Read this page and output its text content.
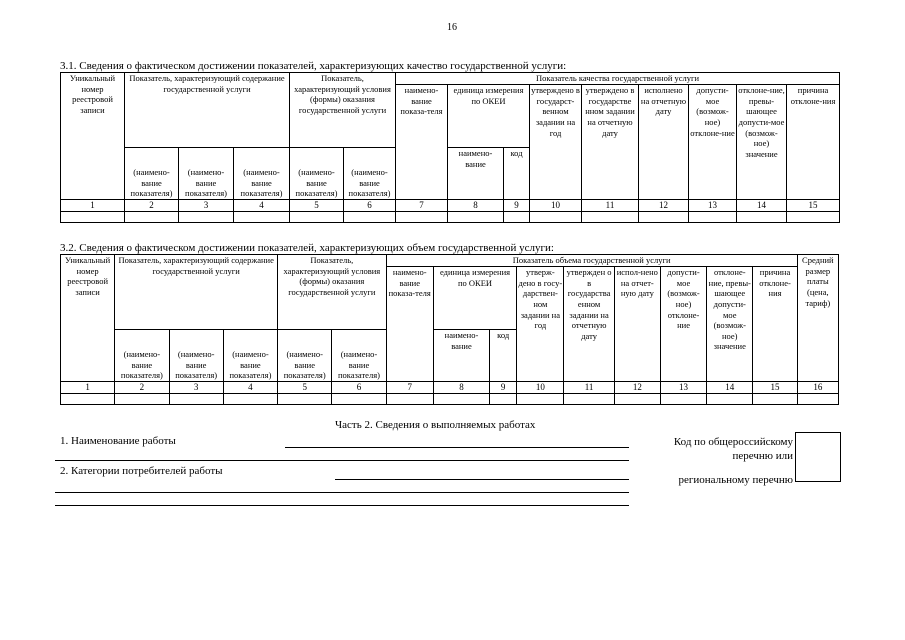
16
3.1. Сведения о фактическом достижении показателей, характеризующих качество государственной услуги:
Уникальный номер реестровой записи	Показатель, характеризующий содержание государственной услуги			Показатель, характеризующий условия (формы) оказания государственной услуги		Показатель качества государственной услуги								
						наимено-вание показа-теля	единица измерения по ОКЕИ		утверждено в государст-венном задании на год	утверждено в государстве нном задании на отчетную дату	исполнено на отчетную дату	допусти-мое (возмож-ное) отклоне-ние	отклоне-ние, превы-шающее допусти-мое (возмож-ное) значение	причина отклоне-ния
	(наимено-вание показателя)	(наимено-вание показателя)	(наимено-вание показателя)	(наимено-вание показателя)	(наимено-вание показателя)		наимено-вание	код						
1	2	3	4	5	6	7	8	9	10	11	12	13	14	15

3.2. Сведения о фактическом достижении показателей, характеризующих объем государственной услуги:
Уникальный номер реестровой записи	Показатель, характеризующий содержание государственной услуги			Показатель, характеризующий условия (формы) оказания государственной услуги		Показатель объема государственной услуги									Средний размер платы (цена, тариф)
						наимено-вание показа-теля	единица измерения по ОКЕИ		утверж-дено в госу-дарствен-ном задании на год	утвержден о в государства енном задании на отчетную дату	испол-нено на отчет-ную дату	допусти-мое (возмож-ное) отклоне-ние	отклоне-ние, превы-шающее допусти-мое (возмож-ное) значение	причина отклоне-ния	
	(наимено-вание показателя)	(наимено-вание показателя)	(наимено-вание показателя)	(наимено-вание показателя)	(наимено-вание показателя)		наимено-вание	код							
1	2	3	4	5	6	7	8	9	10	11	12	13	14	15	16

Часть 2. Сведения о выполняемых работах
1. Наименование работы
2. Категории потребителей работы
Код по общероссийскому
перечню или
региональному перечню
